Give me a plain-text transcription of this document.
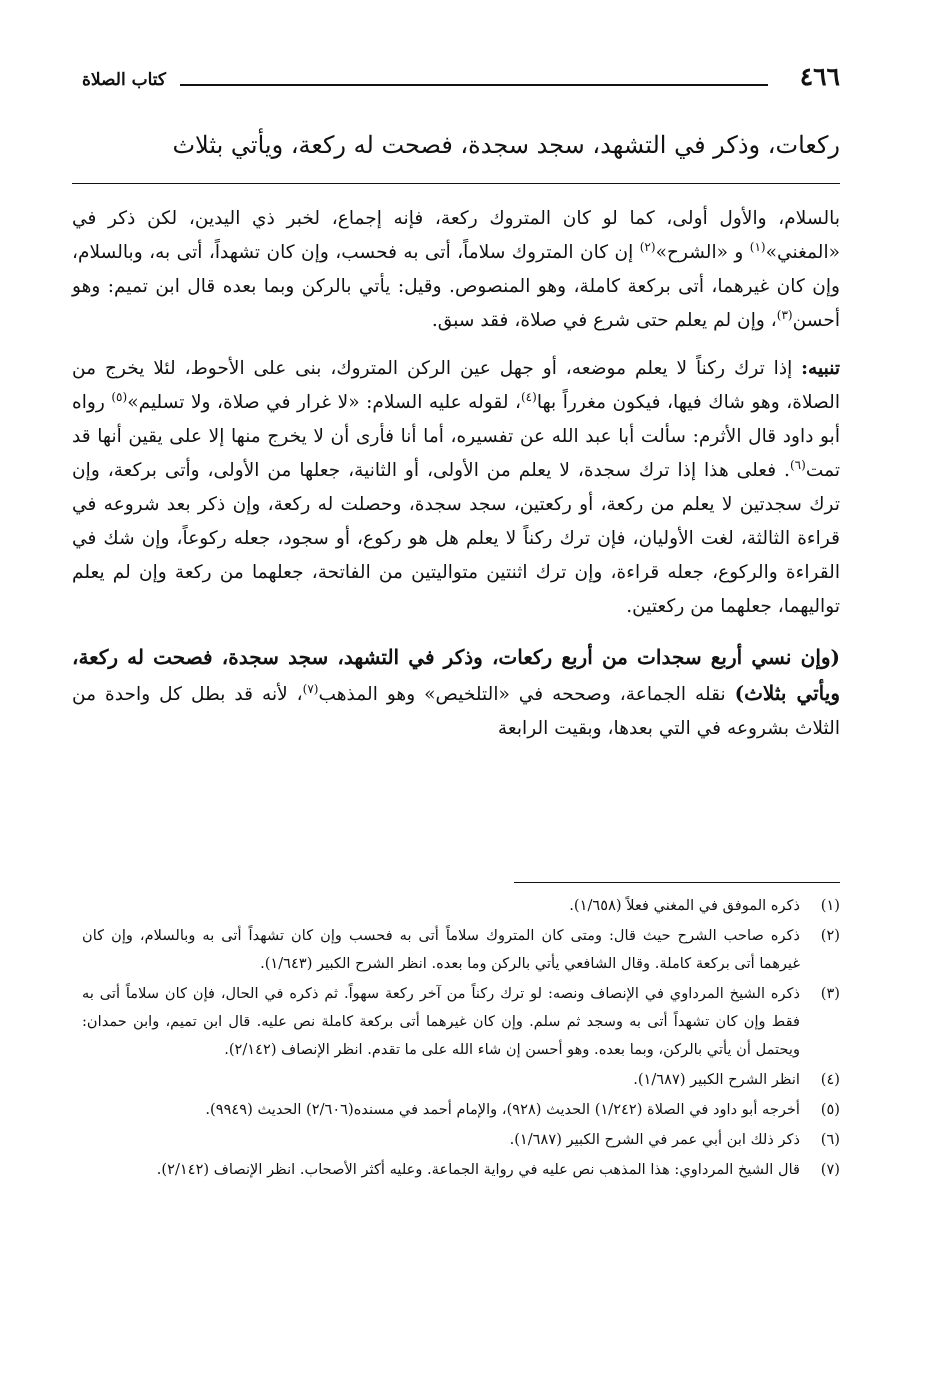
٤٦٦
كتاب الصلاة
ركعات، وذكر في التشهد، سجد سجدة، فصحت له ركعة، ويأتي بثلاث

بالسلام، والأول أولى، كما لو كان المتروك ركعة، فإنه إجماع، لخبر ذي اليدين، لكن ذكر في «المغني»$^{(١)}$ و «الشرح»$^{(٢)}$ إن كان المتروك سلاماً، أتى به فحسب، وإن كان تشهداً، أتى به، وبالسلام، وإن كان غيرهما، أتى بركعة كاملة، وهو المنصوص. وقيل: يأتي بالركن وبما بعده قال ابن تميم: وهو أحسن$^{(٣)}$، وإن لم يعلم حتى شرع في صلاة، فقد سبق.

تنبيه: إذا ترك ركناً لا يعلم موضعه، أو جهل عين الركن المتروك، بنى على الأحوط، لئلا يخرج من الصلاة، وهو شاك فيها، فيكون مغرراً بها$^{(٤)}$، لقوله عليه السلام: «لا غرار في صلاة، ولا تسليم»$^{(٥)}$ رواه أبو داود قال الأثرم: سألت أبا عبد الله عن تفسيره، أما أنا فأرى أن لا يخرج منها إلا على يقين أنها قد تمت$^{(٦)}$. فعلى هذا إذا ترك سجدة، لا يعلم من الأولى، أو الثانية، جعلها من الأولى، وأتى بركعة، وإن ترك سجدتين لا يعلم من ركعة، أو ركعتين، سجد سجدة، وحصلت له ركعة، وإن ذكر بعد شروعه في قراءة الثالثة، لغت الأوليان، فإن ترك ركناً لا يعلم هل هو ركوع، أو سجود، جعله ركوعاً، وإن شك في القراءة والركوع، جعله قراءة، وإن ترك اثنتين متواليتين من الفاتحة، جعلهما من ركعة وإن لم يعلم تواليهما، جعلهما من ركعتين.

(وإن نسي أربع سجدات من أربع ركعات، وذكر في التشهد، سجد سجدة، فصحت له ركعة، ويأتي بثلاث) نقله الجماعة، وصححه في «التلخيص» وهو المذهب$^{(٧)}$، لأنه قد بطل كل واحدة من الثلاث بشروعه في التي بعدها، وبقيت الرابعة

(١)
ذكره الموفق في المغني فعلاً (١/٦٥٨).
(٢)
ذكره صاحب الشرح حيث قال: ومتى كان المتروك سلاماً أتى به فحسب وإن كان تشهداً أتى به وبالسلام، وإن كان غيرهما أتى بركعة كاملة. وقال الشافعي يأتي بالركن وما بعده. انظر الشرح الكبير (١/٦٤٣).
(٣)
ذكره الشيخ المرداوي في الإنصاف ونصه: لو ترك ركناً من آخر ركعة سهواً. ثم ذكره في الحال، فإن كان سلاماً أتى به فقط وإن كان تشهداً أتى به وسجد ثم سلم. وإن كان غيرهما أتى بركعة كاملة نص عليه. قال ابن تميم، وابن حمدان: ويحتمل أن يأتي بالركن، وبما بعده. وهو أحسن إن شاء الله على ما تقدم. انظر الإنصاف (٢/١٤٢).
(٤)
انظر الشرح الكبير (١/٦٨٧).
(٥)
أخرجه أبو داود في الصلاة (١/٢٤٢) الحديث (٩٢٨)، والإمام أحمد في مسنده(٢/٦٠٦) الحديث (٩٩٤٩).
(٦)
ذكر ذلك ابن أبي عمر في الشرح الكبير (١/٦٨٧).
(٧)
قال الشيخ المرداوي: هذا المذهب نص عليه في رواية الجماعة. وعليه أكثر الأصحاب. انظر الإنصاف (٢/١٤٢).
